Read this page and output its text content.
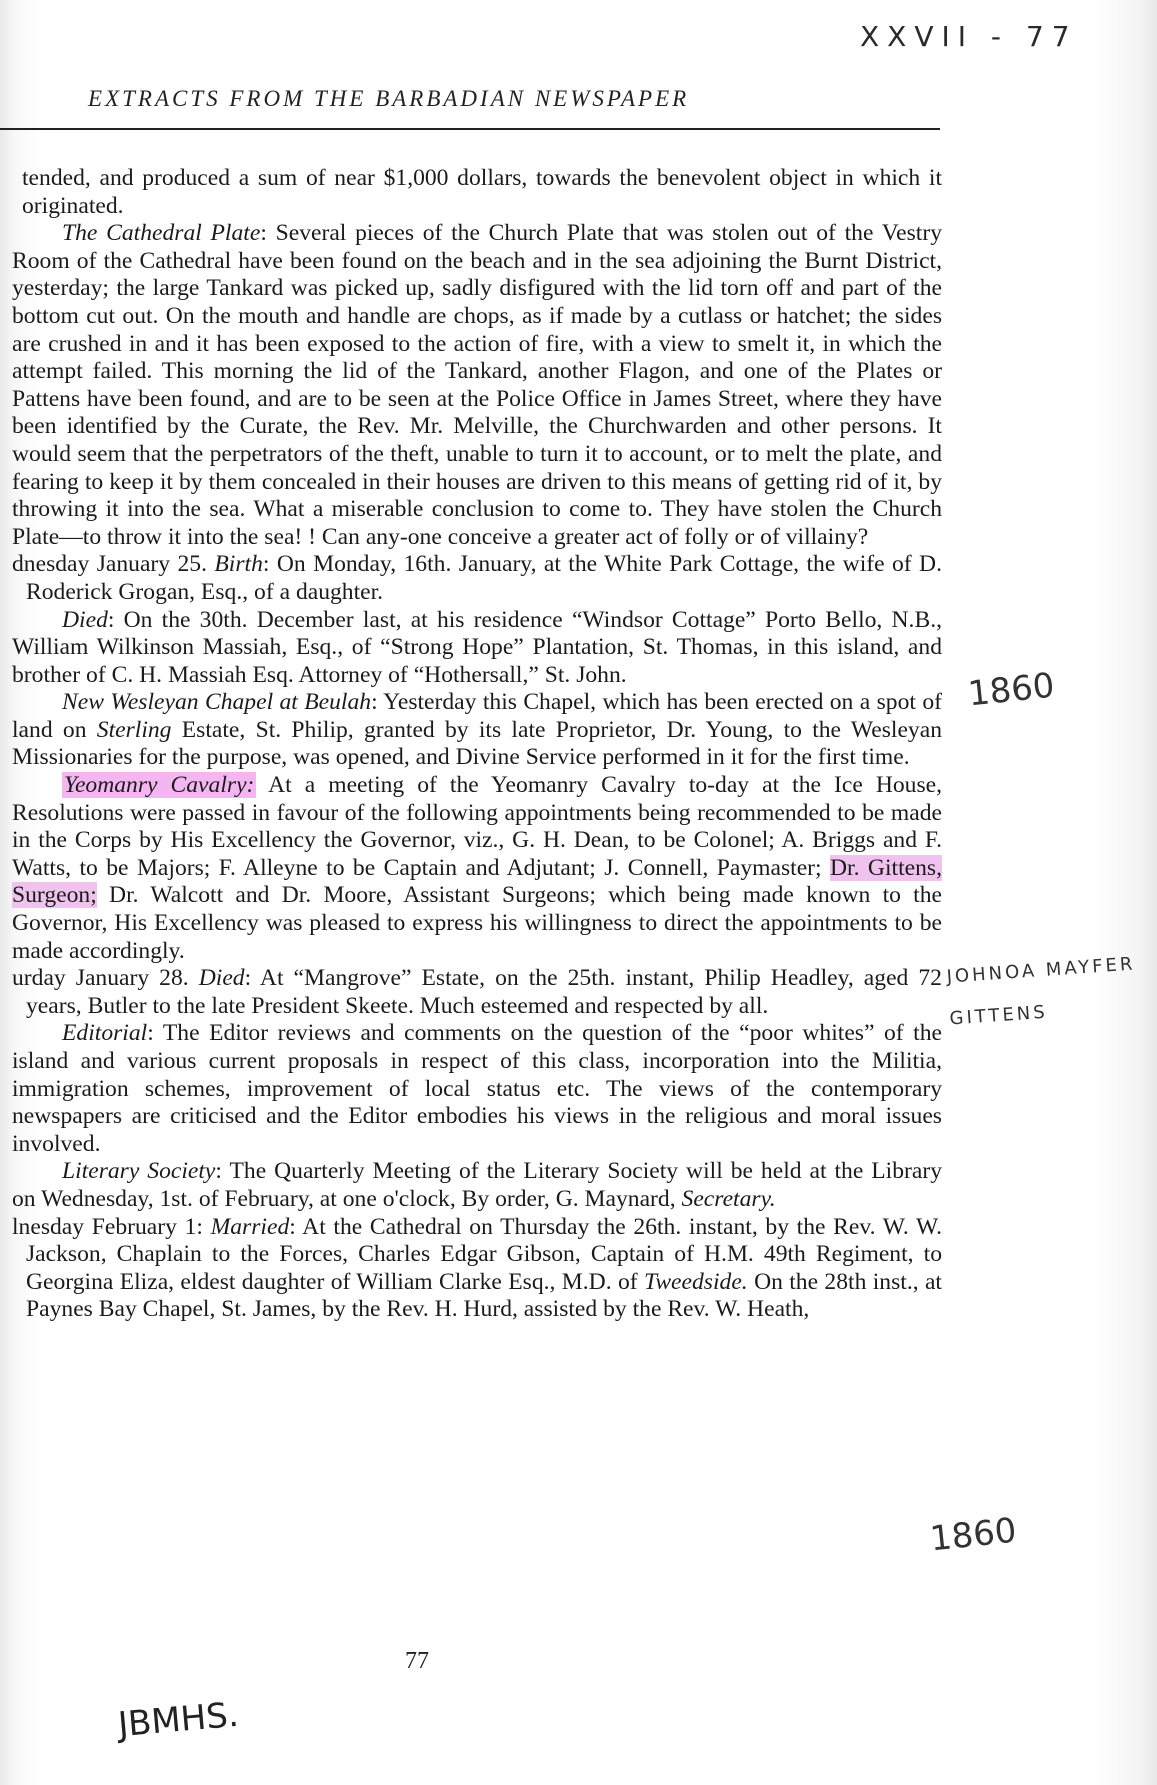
XXVII - 77
EXTRACTS FROM THE BARBADIAN NEWSPAPER

tended, and produced a sum of near $1,000 dollars, towards the benevolent object in which it originated.

The Cathedral Plate: Several pieces of the Church Plate that was stolen out of the Vestry Room of the Cathedral have been found on the beach and in the sea adjoining the Burnt District, yesterday; the large Tankard was picked up, sadly disfigured with the lid torn off and part of the bottom cut out. On the mouth and handle are chops, as if made by a cutlass or hatchet; the sides are crushed in and it has been exposed to the action of fire, with a view to smelt it, in which the attempt failed. This morning the lid of the Tankard, another Flagon, and one of the Plates or Pattens have been found, and are to be seen at the Police Office in James Street, where they have been identified by the Curate, the Rev. Mr. Melville, the Churchwarden and other persons. It would seem that the perpetrators of the theft, unable to turn it to account, or to melt the plate, and fearing to keep it by them concealed in their houses are driven to this means of getting rid of it, by throwing it into the sea. What a miserable conclusion to come to. They have stolen the Church Plate—to throw it into the sea! ! Can any-one conceive a greater act of folly or of villainy?

dnesday January 25. Birth: On Monday, 16th. January, at the White Park Cottage, the wife of D. Roderick Grogan, Esq., of a daughter.

Died: On the 30th. December last, at his residence “Windsor Cottage” Porto Bello, N.B., William Wilkinson Massiah, Esq., of “Strong Hope” Plantation, St. Thomas, in this island, and brother of C. H. Massiah Esq. Attorney of “Hothersall,” St. John.

New Wesleyan Chapel at Beulah: Yesterday this Chapel, which has been erected on a spot of land on Sterling Estate, St. Philip, granted by its late Proprietor, Dr. Young, to the Wesleyan Missionaries for the purpose, was opened, and Divine Service performed in it for the first time.

Yeomanry Cavalry: At a meeting of the Yeomanry Cavalry to-day at the Ice House, Resolutions were passed in favour of the following appointments being recommended to be made in the Corps by His Excellency the Governor, viz., G. H. Dean, to be Colonel; A. Briggs and F. Watts, to be Majors; F. Alleyne to be Captain and Adjutant; J. Connell, Paymaster; Dr. Gittens, Surgeon; Dr. Walcott and Dr. Moore, Assistant Surgeons; which being made known to the Governor, His Excellency was pleased to express his willingness to direct the appointments to be made accordingly.

urday January 28. Died: At “Mangrove” Estate, on the 25th. instant, Philip Headley, aged 72 years, Butler to the late President Skeete. Much esteemed and respected by all.

Editorial: The Editor reviews and comments on the question of the “poor whites” of the island and various current proposals in respect of this class, incorporation into the Militia, immigration schemes, improvement of local status etc. The views of the contemporary newspapers are criticised and the Editor embodies his views in the religious and moral issues involved.

Literary Society: The Quarterly Meeting of the Literary Society will be held at the Library on Wednesday, 1st. of February, at one o'clock, By order, G. Maynard, Secretary.

lnesday February 1: Married: At the Cathedral on Thursday the 26th. instant, by the Rev. W. W. Jackson, Chaplain to the Forces, Charles Edgar Gibson, Captain of H.M. 49th Regiment, to Georgina Eliza, eldest daughter of William Clarke Esq., M.D. of Tweedside. On the 28th inst., at Paynes Bay Chapel, St. James, by the Rev. H. Hurd, assisted by the Rev. W. Heath,

1860
JOHNOA MAYFER
GITTENS
1860
77
JBMHS.
